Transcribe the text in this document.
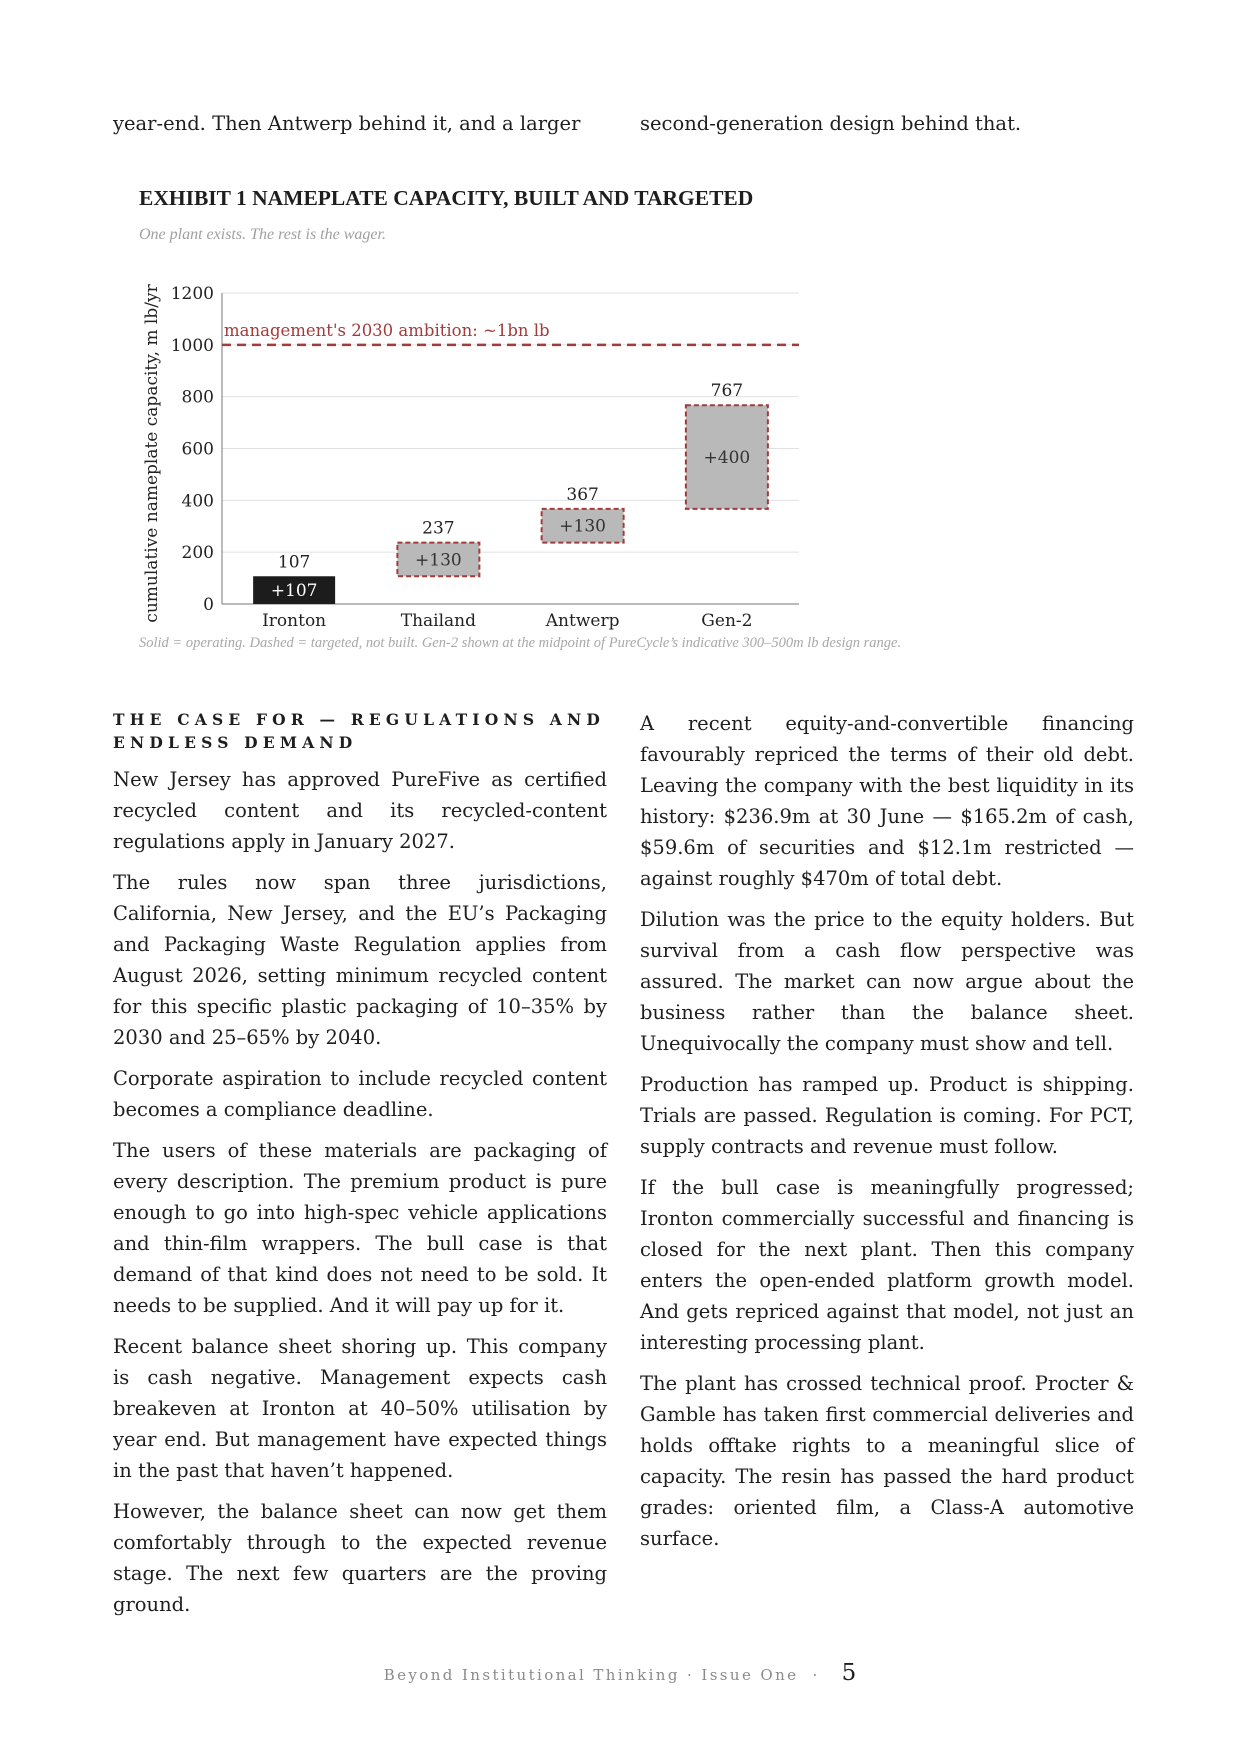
year-end. Then Antwerp behind it, and a larger	second-generation design behind that.

0
200
400
600
800
1000
1200
cumulative nameplate capacity, m lb/yr	management's 2030 ambition: ~1bn lb
+107
107
Ironton
+130
237
Thailand
+130
367
Antwerp
+400
767
Gen-2
EXHIBIT 1 NAMEPLATE CAPACITY, BUILT AND TARGETED
One plant exists. The rest is the wager.
Solid = operating. Dashed = targeted, not built. Gen-2 shown at the midpoint of PureCycle’s indicative 300–500m lb design range.
THE CASE FOR — REGULATIONS AND ENDLESS DEMAND

New Jersey has approved PureFive as certified recycled content and its recycled-content regulations apply in January 2027.

The rules now span three jurisdictions, California, New Jersey, and the EU’s Packaging and Packaging Waste Regulation applies from August 2026, setting minimum recycled content for this specific plastic packaging of 10–35% by 2030 and 25–65% by 2040.

Corporate aspiration to include recycled content becomes a compliance deadline.

The users of these materials are packaging of every description. The premium product is pure enough to go into high-spec vehicle applications and thin-film wrappers. The bull case is that demand of that kind does not need to be sold. It needs to be supplied. And it will pay up for it.

Recent balance sheet shoring up. This company is cash negative. Management expects cash breakeven at Ironton at 40–50% utilisation by year end. But management have expected things in the past that haven’t happened.

However, the balance sheet can now get them comfortably through to the expected revenue stage. The next few quarters are the proving ground.

A recent equity-and-convertible financing favourably repriced the terms of their old debt. Leaving the company with the best liquidity in its history: $236.9m at 30 June — $165.2m of cash, $59.6m of securities and $12.1m restricted — against roughly $470m of total debt.

Dilution was the price to the equity holders. But survival from a cash flow perspective was assured. The market can now argue about the business rather than the balance sheet. Unequivocally the company must show and tell.

Production has ramped up. Product is shipping. Trials are passed. Regulation is coming. For PCT, supply contracts and revenue must follow.

If the bull case is meaningfully progressed; Ironton commercially successful and financing is closed for the next plant. Then this company enters the open-ended platform growth model. And gets repriced against that model, not just an interesting processing plant.

The plant has crossed technical proof. Procter & Gamble has taken first commercial deliveries and holds offtake rights to a meaningful slice of capacity. The resin has passed the hard product grades: oriented film, a Class-A automotive surface.

Beyond Institutional Thinking · Issue One · 5
